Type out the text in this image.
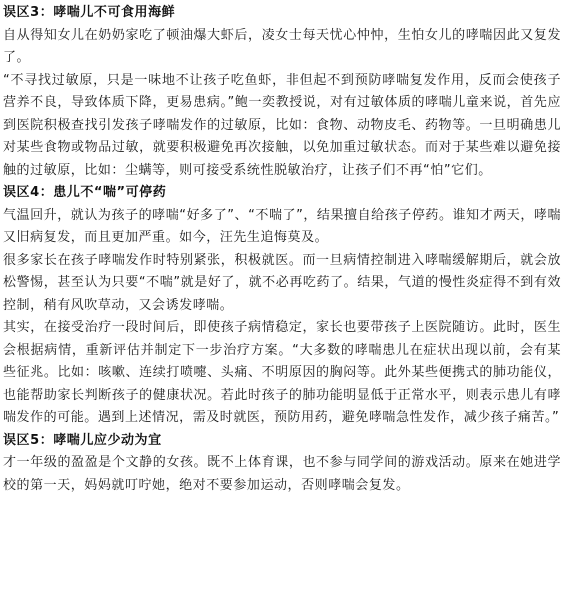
误区3：哮喘儿不可食用海鲜
自从得知女儿在奶奶家吃了顿油爆大虾后，凌女士每天忧心忡忡，生怕女儿的哮喘因此又复发了。
“不寻找过敏原，只是一味地不让孩子吃鱼虾，非但起不到预防哮喘复发作用，反而会使孩子营养不良，导致体质下降，更易患病。”鲍一奕教授说，对有过敏体质的哮喘儿童来说，首先应到医院积极查找引发孩子哮喘发作的过敏原，比如：食物、动物皮毛、药物等。一旦明确患儿对某些食物或物品过敏，就要积极避免再次接触，以免加重过敏状态。而对于某些难以避免接触的过敏原，比如：尘螨等，则可接受系统性脱敏治疗，让孩子们不再“怕”它们。
误区4：患儿不“喘”可停药
气温回升，就认为孩子的哮喘“好多了”、“不喘了”，结果擅自给孩子停药。谁知才两天，哮喘又旧病复发，而且更加严重。如今，汪先生追悔莫及。
很多家长在孩子哮喘发作时特别紧张，积极就医。而一旦病情控制进入哮喘缓解期后，就会放松警惕，甚至认为只要“不喘”就是好了，就不必再吃药了。结果，气道的慢性炎症得不到有效控制，稍有风吹草动，又会诱发哮喘。
其实，在接受治疗一段时间后，即使孩子病情稳定，家长也要带孩子上医院随访。此时，医生会根据病情，重新评估并制定下一步治疗方案。“大多数的哮喘患儿在症状出现以前，会有某些征兆。比如：咳嗽、连续打喷嚏、头痛、不明原因的胸闷等。此外某些便携式的肺功能仪，也能帮助家长判断孩子的健康状况。若此时孩子的肺功能明显低于正常水平，则表示患儿有哮喘发作的可能。遇到上述情况，需及时就医，预防用药，避免哮喘急性发作，减少孩子痛苦。”
误区5：哮喘儿应少动为宜
才一年级的盈盈是个文静的女孩。既不上体育课，也不参与同学间的游戏活动。原来在她进学校的第一天，妈妈就叮咛她，绝对不要参加运动，否则哮喘会复发。
